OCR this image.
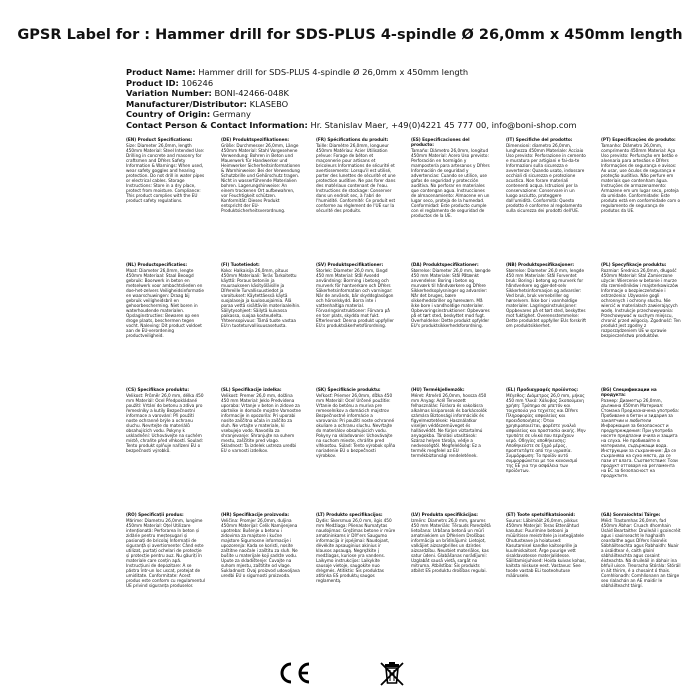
GPSR Label for : Hammer drill for SDS-PLUS 4-spindle Ø 26,0mm x 450mm length
Product Name: Hammer drill for SDS-PLUS 4-spindle Ø 26,0mm x 450mm length
Product ID: 106246
Variation Number: BONI-42466-048K
Manufacturer/Distributor: KLASEBO
Country of Origin: Germany
Contact Person & Contact Information: Hr. Stanislav Maer, +49(0)4221 45 777 00, info@boni-shop.com
(EN) Product Specifications:
Size: Diameter 26,0mm, length 450mm Material: Steel Intended Use: Drilling in concrete and masonry for craftsmen and DIYers Safety Information & Warnings: When used, wear safety goggles and hearing protection. Do not drill in water pipes or electrical cables. Storage Instructions: Store in a dry place, protect from moisture. Compliance: This product complies with the EU product safety regulations.
(DE) Produktspezifikationen:
Größe: Durchmesser 26,0mm, Länge 450mm Material: Stahl Vorgesehene Verwendung: Bohren in Beton und Mauerwerk für Handwerker und Heimwerker Sicherheitsinformationen & Warnhinweise: Bei der Verwendung Schutzbrille und Gehörschutz tragen. Nicht in wasserführende Materialien bohren. Lagerungshinweise: An einem trockenen Ort aufbewahren, vor Feuchtigkeit schützen. Konformität: Dieses Produkt entspricht der EU-Produktsicherheitsverordnung.
(FR) Spécifications du produit:
Taille: Diamètre 26,0mm, longueur 450mm Matériau: Acier Utilisation prévue: Forage de béton et maçonnerie pour artisans et bricoleurs Informations de sécurité et avertissements: Lorsqu'il est utilisé, porter des lunettes de sécurité et une protection auditive. Ne pas forer dans des matériaux contenant de l'eau. Instructions de stockage: Conserver dans un endroit sec, à l'abri de l'humidité. Conformité: Ce produit est conforme au règlement de l'UE sur la sécurité des produits.
(ES) Especificaciones del producto:
Tamaño: Diámetro 26,0mm, longitud 450mm Material: Acero Uso previsto: Perforación en hormigón y mampostería para artesanos y DIYers Información de seguridad y advertencias: Cuando se utilice, use gafas de seguridad y protección auditiva. No perforar en materiales que contengan agua. Instrucciones de almacenamiento: Almacene en un lugar seco, proteja de la humedad. Conformidad: Este producto cumple con el reglamento de seguridad de productos de la UE.
(IT) Specifiche del prodotto:
Dimensioni: diametro 26,0mm, lunghezza 450mm Materiale: Acciaio Uso previsto: Perforazione in cemento e muratura per artigiani e fai-da-te Informazioni sulla sicurezza e avvertenze: Quando usato, indossare occhiali di sicurezza e protezione acustica. Non forare materiali contenenti acqua. Istruzioni per la conservazione: Conservare in un luogo asciutto, proteggere dall'umidità. Conformità: Questo prodotto è conforme al regolamento sulla sicurezza dei prodotti dell'UE.
(PT) Especificações do produto:
Tamanho: Diâmetro 26,0mm, comprimento 450mm Material: Aço Uso previsto: Perfuração em betão e alvenaria para artesãos e DIYers Informações de segurança e avisos: Ao usar, use óculos de segurança e proteção auditiva. Não perfure em materiais que contenham água. Instruções de armazenamento: Armazene em um lugar seco, proteja da umidade. Conformidade: Este produto está em conformidade com o regulamento de segurança de produtos da UE.
(NL) Productspecificaties:
Maat: Diameter 26,0mm, lengte 450mm Materiaal: Staal Beoogd gebruik: Boorwerk in beton en metselwerk voor ambachtslieden en doe-het-zelvers Veiligheidsinformatie en waarschuwingen: Draag bij gebruik veiligheidsbril en gehoorbescherming. Niet boren in waterhoudende materialen. Opslaginstructies: Bewaren op een droge plaats, beschermen tegen vocht. Naleving: Dit product voldoet aan de EU-verordening productveiligheid.
(FI) Tuotetiedot:
Koko: Halkaisija 26,0mm, pituus 450mm Materiaali: Teräs Tarkoitettu käyttö: Poraus betoniin ja muuraukseen käsityöläisille ja DIYereille Turvallisuustiedot ja varoitukset: Käytettäessä käytä suojalaseja ja kuulosuojaimia. Älä poraa vettä sisältäviin materiaaleihin. Säilytysohjeet: Säilytä kuivassa paikassa, suojaa kosteudelta. Yhteensopivuus: Tämä tuote vastaa EU:n tuoteturvallisuusasetusta.
(SV) Produktspecifikationer:
Storlek: Diameter 26,0 mm, längd 450 mm Material: Stål Avsedd användning: Borrning i betong och murverk för hantverkare och DIYers Säkerhetsinformation och varningar: När de används, bär skyddsglasögon och hörselskydd. Borra inte i vattenhaltiga material. Förvaringsinstruktioner: Förvara på en torr plats, skydda mot fukt. Efterlevnad: Denna produkt uppfyller EU:s produktsäkerhetsförordning.
(DA) Produktspecifikationer:
Størrelse: Diameter 26,0 mm, længde 450 mm Materiale: Stål Påtænkt anvendelse: Boring i beton og murværk til håndværkere og DIYere Sikkerhedsoplysninger og advarsler: Når det bruges, bære sikkerhedsbriller og høreværn. Må ikke bore i vandholdige materialer. Opbevaringsinstruktioner: Opbevares på et tørt sted, beskyttet mod fugt. Overholdelse: Dette produkt opfylder EU's produktsikkerhedsforordning.
(NB) Produktspesifikasjoner:
Størrelse: Diameter 26,0 mm, lengde 450 mm Materiale: Stål Forventet bruk: Boring i betong og murverk for håndverkere og gjør-det-selv Sikkerhetsinformasjon og advarsler: Ved bruk, bruk vernebriller og hørselvern. Ikke bor i vannholdige materialer. Lagringsinstruksjoner: Oppbevares på et tørt sted, beskyttes mot fuktighet. Overensstemmelse: Dette produktet oppfyller EUs forskrift om produktsikkerhet.
(PL) Specyfikacje produktu:
Rozmiar: Średnica 26,0mm, długość 450mm Materiał: Stal Zamierzone użycie: Wiercenie w betonie i murze dla rzemieślników i majsterkowiczów Informacje o bezpieczeństwie i ostrzeżenia: Używanie gogli ochronnych i ochrony słuchu. Nie wiercić w materiałach zawierających wodę. Instrukcje przechowywania: Przechowywać w suchym miejscu, chronić przed wilgocią. Zgodność: Ten produkt jest zgodny z rozporządzeniem UE w sprawie bezpieczeństwa produktów.
(CS) Specifikace produktu:
Velikost: Průměr 26,0 mm, délka 450 mm Materiál: Ocel Předpokládané použití: Vrtání do betonu a zdiva pro řemeslníky a kutily Bezpečnostní informace a varování: Při použití noste ochranné brýle a ochranu sluchu. Nevrtejte do materiálů obsahujících vodu. Pokyny k uskladnění: Uchovávejte na suchém místě, chraňte před vlhkostí. Soulad: Tento produkt splňuje nařízení EU o bezpečnosti výrobků.
(SL) Specifikacije izdelka:
Velikost: Premer 26,0 mm, dolžina 450 mm Material: Jeklo Predvidena uporaba: Vrtanje v beton in zidove za obrtnike in domače mojstre Varnostne informacije in opozorila: Pri uporabi nosite zaščitna očala in zaščito za sluh. Ne vrtajte v materiale, ki vsebujejo vodo. Navodila za shranjevanje: Shranjujte na suhem mestu, zaščitite pred vlago. Skladnost: Ta izdelek ustreza uredbi EU o varnosti izdelkov.
(SK) Špecifikácie produktu:
Veľkosť: Priemer 26,0mm, dĺžka 450 mm Materiál: Oceľ Určené použitie: Vŕtanie do betónu a muriva pre remeselníkov a domácich majstrov Bezpečnostné informácie a varovania: Pri použití noste ochranné okuliare a ochranu sluchu. Nevŕtajte do materiálov obsahujúcich vodu. Pokyny na skladovanie: Uchovávajte na suchom mieste, chráňte pred vlhkosťou. Súlad: Tento výrobok spĺňa nariadenie EÚ o bezpečnosti výrobkov.
(HU) Termékjellemzők:
Méret: Átmérő 26,0mm, hossza 450 mm Anyag: Acél Tervezett felhasználás: Fúrásra és vakolásra alkalmas kisiparosok és barkácsolók számára Biztonsági információk és figyelmeztetések: Használatkor viseljen védőszemüveget és hallásvédőt. Ne fúrjon víztartalmú anyagokba. Tárolási utasítások: Száraz helyen tárolja, védje a nedvességtől. Megfelelőség: Ez a termék megfelel az EU termékbiztonsági rendeletének.
(EL) Προδιαγραφές προϊόντος:
Μέγεθος: Διάμετρος 26,0 mm, μήκος 450 mm Υλικό: Χάλυβας Σκοπούμενη χρήση: Τρύπημα σε μπετόν και τοιχοποιία για τεχνίτες και DIYers Πληροφορίες ασφαλείας και προειδοποιήσεις: Όταν χρησιμοποιείται, φορέστε γυαλιά ασφαλείας και προστασία ακοής. Μην τρυπάτε σε υλικά που περιέχουν νερό. Οδηγίες αποθήκευσης: Αποθηκεύστε σε ξηρό μέρος, προστατέψτε από την υγρασία. Συμμόρφωση: Το προϊόν αυτό συμμορφώνεται με τον κανονισμό της ΕΕ για την ασφάλεια των προϊόντων.
(BG) Спецификации на продукта:
Размер: Диаметър 26,0mm, дължина 450mm Материал: Стомана Предназначена употреба: Пробиване в бетон и зидария за занаятчии и любители Информация за безопасност и предупреждения: При употреба носете предпазни очила и защита на слуха. Не пробивайте в материали, съдържащи вода. Инструкции за съхранение: Да се съхранява на сухо място, да се пази от влага. Съответствие: Този продукт отговаря на регламента на ЕС за безопасност на продуктите.
(RO) Specificații produs:
Mărime: Diametru 26,0mm, lungime 450mm Material: Oțel Utilizare intenționată: Perforarea în beton și zidărie pentru meșteșugari și pasionați de bricolaj Informații de siguranță și avertismente: Când este utilizat, purtați ochelari de protecție și protecție pentru auz. Nu găuriți în materiale care conțin apă. Instrucțiuni de depozitare: A se păstra într-un loc uscat, protejat de umiditate. Conformitate: Acest produs este conform cu regulamentul UE privind siguranța produselor.
(HR) Specifikacije proizvoda:
Veličina: Promjer 26,0mm, duljina 450mm Materijal: Čelik Namijenjena upotreba: Bušenje u betonu i zidovima za majstore i kućne majstore Sigurnosne informacije i upozorenja: Kada se koristi, nosite zaštitne naočale i zaštitu za sluh. Ne bušite u materijale koji sadrže vodu. Upute za skladištenje: Čuvajte na suhom mjestu, zaštitite od vlage. Sukladnost: Ovaj proizvod udovoljava uredbi EU o sigurnosti proizvoda.
(LT) Produkto specifikacijos:
Dydis: Skersmuo 26,0 mm, ilgis 450 mm Medžiaga: Plienas Numatytas naudojimas: Gręžimas betone ir mūre amatininkams ir DIY'ers Saugumo informacija ir įspėjimai: Naudojant, dėvėkite apsauginius akinius ir klausos apsaugą. Negręžkite į medžiagas, kuriose yra vandens. Laikymo instrukcijos: Laikykite sausoje vietoje, saugokite nuo drėgmės. Atitiktis: Šis produktas atitinka ES produktų saugos reglamentą.
(LV) Produkta specifikācijas:
Izmērs: Diametrs 26,0 mm, garums 450 mm Materiāls: Tērauds Paredzētā lietošana: Urbšana betonā un mūrī amatniekiem un DIYeriem Drošības informācija un brīdinājumi: Lietojot, valkājiet aizsargbrilles un dzirdes aizsardzību. Neurbiet materiālos, kas satur ūdeni. Glabāšanas norādījumi: Uzglabāt sausā vietā, sargāt no mitruma. Atbilstība: Šis produkts atbilst ES produktu drošības regulai.
(ET) Toote spetsifikatsioonid:
Suurus: Läbimõõt 26,0mm, pikkus 450mm Materjal: Teras Ettenähtud kasutus: Puurimine betooni ja müüritisse meistritele ja isetegijatele Ohutusteave ja hoiatused: Kasutamisel kandke kaitseprille ja kuulmiskaitset. Ärge puurige vett sisaldavatesse materjalidesse. Säilitamisjuhised: Hoida kuivas kohas, kaitsta niiskuse eest. Vastavus: See toode vastab ELi tooteohutuse määrusele.
(GA) Sonraíochtaí Táirge:
Méid: Trastomhas 26,0mm, fad 450mm Ábhar: Cruach dhomhain Úsáid Beartaithe: Druileáil i gcoincréit agus i saoirseacht le haghaidh ceardaithe agus DIYers Faisnéis Sábháilteachta agus Rabhaidh: Nuair a úsáidtear é, caith gloiní sábháilteachta agus cosaint éisteachta. Ná druileáil in ábhair ina bhfuil uisce. Treoracha Stórála: Stóráil in áit thirim, é a chosaint ó thais. Comhlíonadh: Comhlíonann an táirge seo rialachán an AE maidir le sábháilteacht táirgí.
